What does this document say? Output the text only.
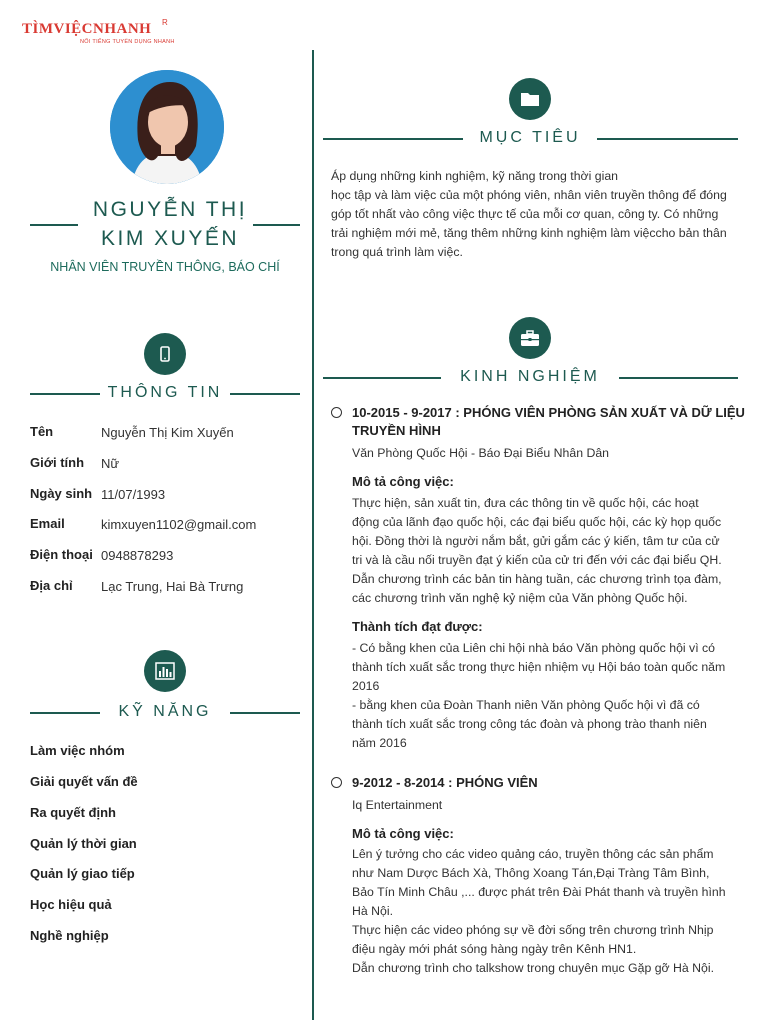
TÌMVIỆCNHANH
NỐI TIẾNG TUYỂN DỤNG NHANH
R
NGUYỄN THỊ
KIM XUYẾN
NHÂN VIÊN TRUYỀN THÔNG, BÁO CHÍ
THÔNG TIN
Tên	Nguyễn Thị Kim Xuyến
Giới tính Nữ
Ngày sinh 11/07/1993
Email	kimxuyen1102@gmail.com
Điện thoại 0948878293
Địa chỉ Lạc Trung, Hai Bà Trưng
KỸ NĂNG
Làm việc nhóm
Giải quyết vấn đề
Ra quyết định
Quản lý thời gian
Quản lý giao tiếp
Học hiệu quả
Nghề nghiệp
MỤC TIÊU
Áp dụng những kinh nghiệm, kỹ năng trong thời gian
học tập và làm việc của một phóng viên, nhân viên truyền thông để đóng
góp tốt nhất vào công việc thực tế của mỗi cơ quan, công ty. Có những
trải nghiệm mới mẻ, tăng thêm những kinh nghiệm làm việccho bản thân
trong quá trình làm việc.
KINH NGHIỆM
10-2015 - 9-2017 : PHÓNG VIÊN PHÒNG SẢN XUẤT VÀ DỮ LIỆU
TRUYỀN HÌNH
Văn Phòng Quốc Hội - Báo Đại Biểu Nhân Dân
Mô tả công việc:
Thực hiện, sản xuất tin, đưa các thông tin về quốc hội, các hoạt
động của lãnh đạo quốc hội, các đại biểu quốc hội, các kỳ họp quốc
hội. Đồng thời là người nắm bắt, gửi gắm các ý kiến, tâm tư của cử
tri và là cầu nối truyền đạt ý kiến của cử tri đến với các đại biểu QH.
Dẫn chương trình các bản tin hàng tuần, các chương trình tọa đàm,
các chương trình văn nghệ kỷ niệm của Văn phòng Quốc hội.
Thành tích đạt được:
- Có bằng khen của Liên chi hội nhà báo Văn phòng quốc hội vì có
thành tích xuất sắc trong thực hiện nhiệm vụ Hội báo toàn quốc năm
2016
- bằng khen của Đoàn Thanh niên Văn phòng Quốc hội vì đã có
thành tích xuất sắc trong công tác đoàn và phong trào thanh niên
năm 2016
9-2012 - 8-2014 : PHÓNG VIÊN
Iq Entertainment
Mô tả công việc:
Lên ý tưởng cho các video quảng cáo, truyền thông các sản phẩm
như Nam Dược Bách Xà, Thông Xoang Tán,Đại Tràng Tâm Bình,
Bảo Tín Minh Châu ,... được phát trên Đài Phát thanh và truyền hình
Hà Nội.
Thực hiện các video phóng sự về đời sống trên chương trình Nhịp
điệu ngày mới phát sóng hàng ngày trên Kênh HN1.
Dẫn chương trình cho talkshow trong chuyên mục Gặp gỡ Hà Nội.
